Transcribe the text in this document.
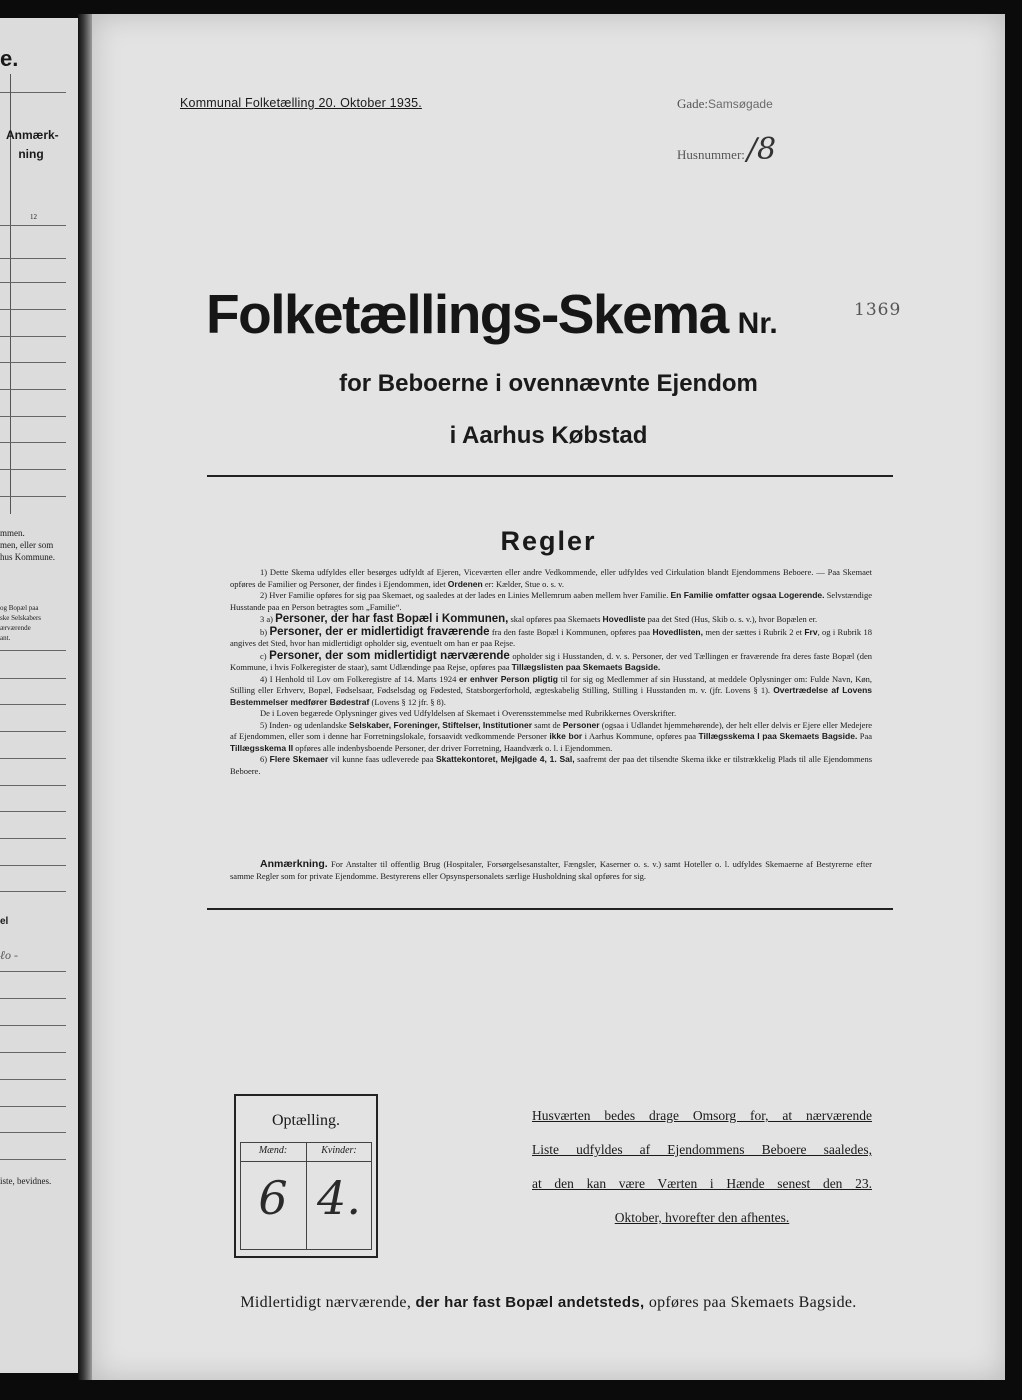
e.
Anmærk-ning
12
mmen.
men, eller som
hus Kommune.
og Bopæl paa
ske Selskabers
ærværende
ant.
el
ℓo -
iste, bevidnes.
Kommunal Folketælling 20. Oktober 1935.	Gade:Samsøgade
Husnummer:/8
Folketællings-Skema Nr.	1369
for Beboerne i ovennævnte Ejendom
i Aarhus Købstad
Regler

1) Dette Skema udfyldes eller besørges udfyldt af Ejeren, Viceværten eller andre Vedkommende, eller udfyldes ved Cirkulation blandt Ejendommens Beboere. — Paa Skemaet opføres de Familier og Personer, der findes i Ejendommen, idet Ordenen er: Kælder, Stue o. s. v.

2) Hver Familie opføres for sig paa Skemaet, og saaledes at der lades en Linies Mellemrum aaben mellem hver Familie. En Familie omfatter ogsaa Logerende. Selvstændige Husstande paa en Person betragtes som „Familie“.

3 a) Personer, der har fast Bopæl i Kommunen, skal opføres paa Skemaets Hovedliste paa det Sted (Hus, Skib o. s. v.), hvor Bopælen er.

b) Personer, der er midlertidigt fraværende fra den faste Bopæl i Kommunen, opføres paa Hovedlisten, men der sættes i Rubrik 2 et Frv, og i Rubrik 18 angives det Sted, hvor han midlertidigt opholder sig, eventuelt om han er paa Rejse.

c) Personer, der som midlertidigt nærværende opholder sig i Husstanden, d. v. s. Personer, der ved Tællingen er fraværende fra deres faste Bopæl (den Kommune, i hvis Folkeregister de staar), samt Udlændinge paa Rejse, opføres paa Tillægslisten paa Skemaets Bagside.

4) I Henhold til Lov om Folkeregistre af 14. Marts 1924 er enhver Person pligtig til for sig og Medlemmer af sin Husstand, at meddele Oplysninger om: Fulde Navn, Køn, Stilling eller Erhverv, Bopæl, Fødselsaar, Fødselsdag og Fødested, Statsborgerforhold, ægteskabelig Stilling, Stilling i Husstanden m. v. (jfr. Lovens § 1). Overtrædelse af Lovens Bestemmelser medfører Bødestraf (Lovens § 12 jfr. § 8).

De i Loven begærede Oplysninger gives ved Udfyldelsen af Skemaet i Overensstemmelse med Rubrikkernes Overskrifter.

5) Inden- og udenlandske Selskaber, Foreninger, Stiftelser, Institutioner samt de Personer (ogsaa i Udlandet hjemmehørende), der helt eller delvis er Ejere eller Medejere af Ejendommen, eller som i denne har Forretningslokale, forsaavidt vedkommende Personer ikke bor i Aarhus Kommune, opføres paa Tillægsskema I paa Skemaets Bagside. Paa Tillægsskema II opføres alle indenbysboende Personer, der driver Forretning, Haandværk o. l. i Ejendommen.

6) Flere Skemaer vil kunne faas udleverede paa Skattekontoret, Mejlgade 4, 1. Sal, saafremt der paa det tilsendte Skema ikke er tilstrækkelig Plads til alle Ejendommens Beboere.

Anmærkning. For Anstalter til offentlig Brug (Hospitaler, Forsørgelsesanstalter, Fængsler, Kaserner o. s. v.) samt Hoteller o. l. udfyldes Skemaerne af Bestyrerne efter samme Regler som for private Ejendomme. Bestyrerens eller Opsynspersonalets særlige Husholdning skal opføres for sig.

Optælling.
Mænd:	Kvinder:
6 4.
Husværten bedes drage Omsorg for, at nærværende
Liste udfyldes af Ejendommens Beboere saaledes,
at den kan være Værten i Hænde senest den 23.
Oktober, hvorefter den afhentes.
Midlertidigt nærværende, der har fast Bopæl andetsteds, opføres paa Skemaets Bagside.
